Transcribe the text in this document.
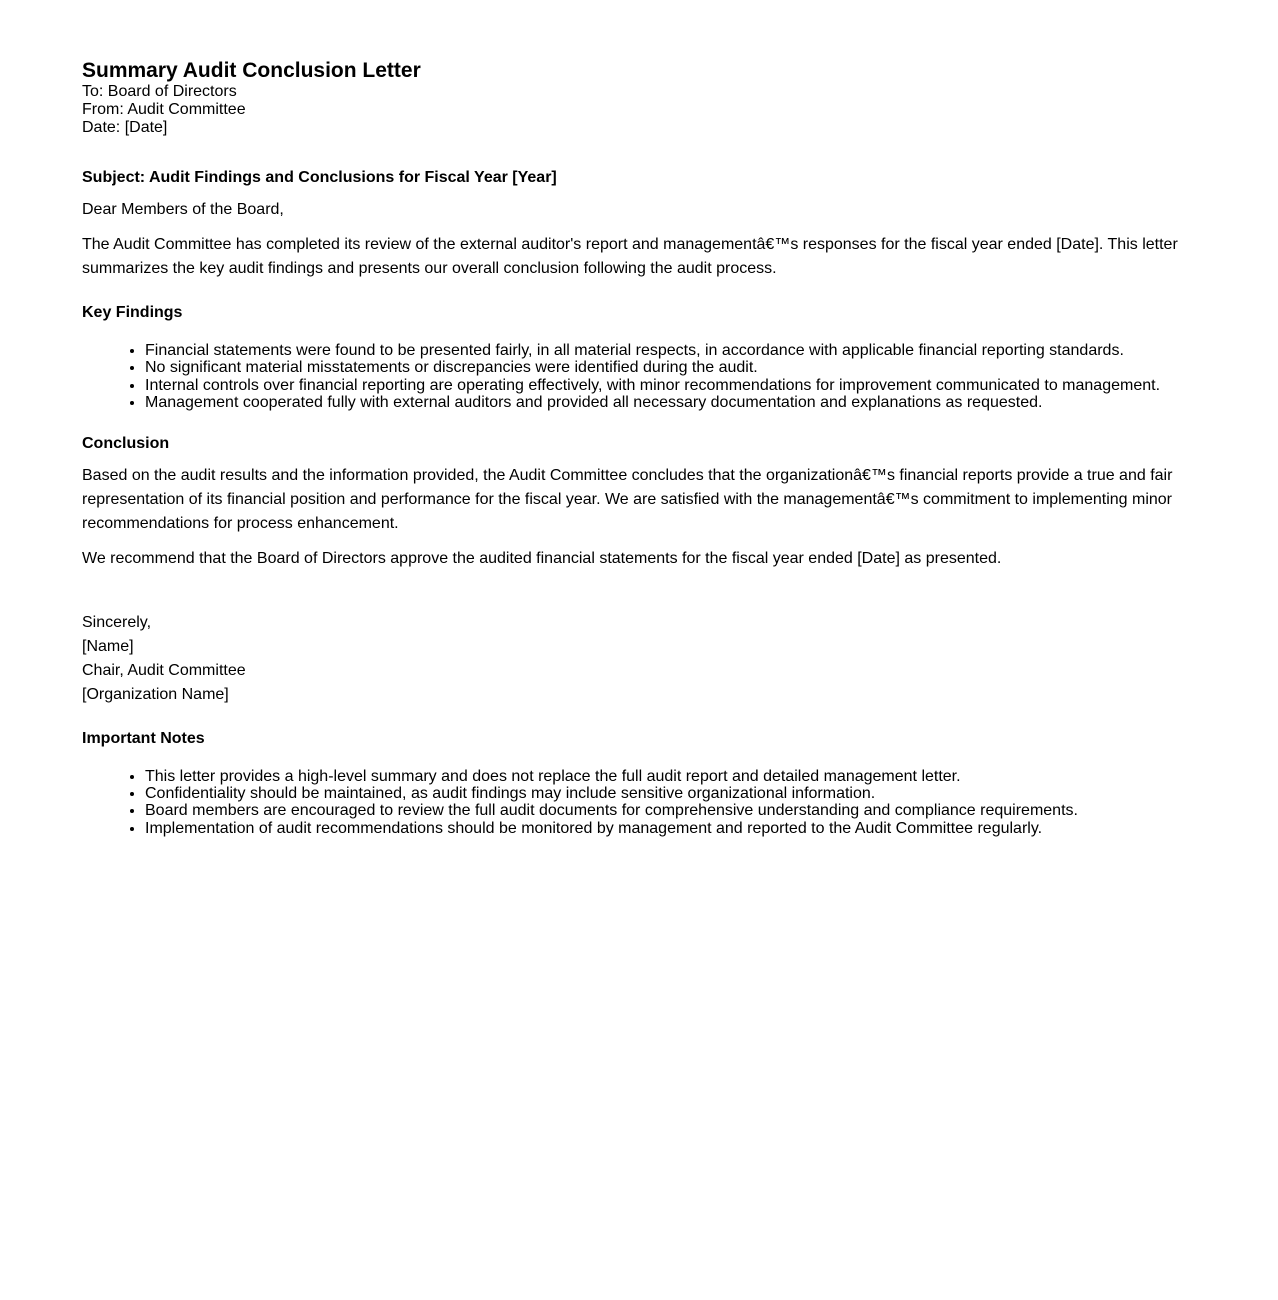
Summary Audit Conclusion Letter

To: Board of Directors

From: Audit Committee

Date: [Date]

Subject: Audit Findings and Conclusions for Fiscal Year [Year]

Dear Members of the Board,

The Audit Committee has completed its review of the external auditor's report and managementâ€™s responses for the fiscal year ended [Date]. This letter summarizes the key audit findings and presents our overall conclusion following the audit process.

Key Findings
• Financial statements were found to be presented fairly, in all material respects, in accordance with applicable financial reporting standards.
• No significant material misstatements or discrepancies were identified during the audit.
• Internal controls over financial reporting are operating effectively, with minor recommendations for improvement communicated to management.
• Management cooperated fully with external auditors and provided all necessary documentation and explanations as requested.
Conclusion

Based on the audit results and the information provided, the Audit Committee concludes that the organizationâ€™s financial reports provide a true and fair representation of its financial position and performance for the fiscal year. We are satisfied with the managementâ€™s commitment to implementing minor recommendations for process enhancement.

We recommend that the Board of Directors approve the audited financial statements for the fiscal year ended [Date] as presented.

Sincerely,

[Name]

Chair, Audit Committee

[Organization Name]

Important Notes
• This letter provides a high-level summary and does not replace the full audit report and detailed management letter.
• Confidentiality should be maintained, as audit findings may include sensitive organizational information.
• Board members are encouraged to review the full audit documents for comprehensive understanding and compliance requirements.
• Implementation of audit recommendations should be monitored by management and reported to the Audit Committee regularly.
